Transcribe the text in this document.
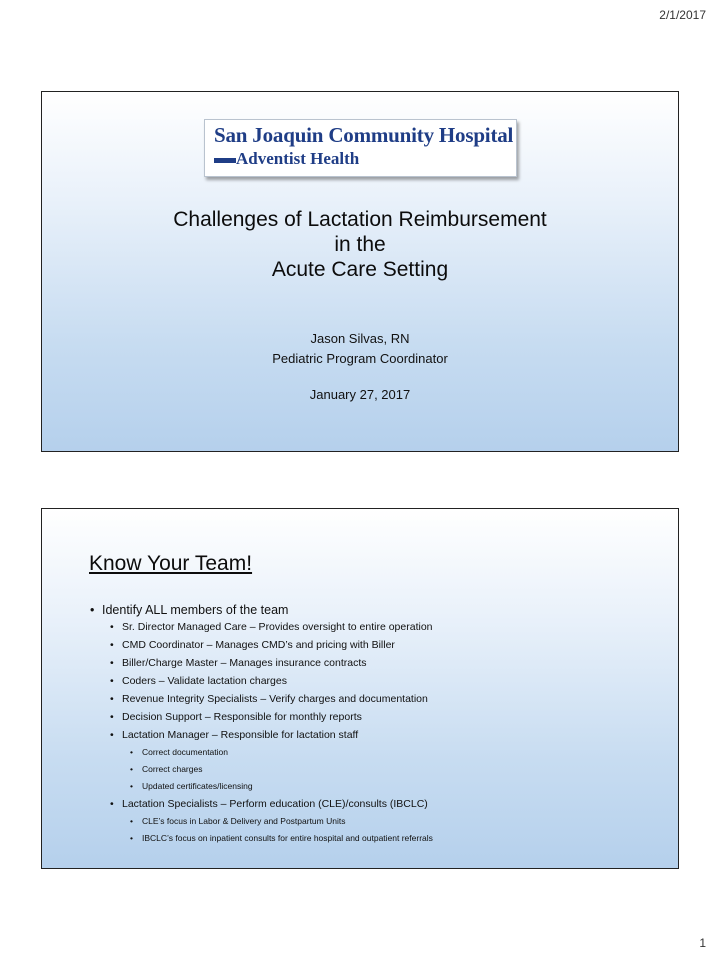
2/1/2017
San Joaquin Community Hospital
Adventist Health
Challenges of Lactation Reimbursement
in the
Acute Care Setting
Jason Silvas, RN
Pediatric Program Coordinator
January 27, 2017
Know Your Team!
• Identify ALL members of the team
• Sr. Director Managed Care – Provides oversight to entire operation
• CMD Coordinator – Manages CMD’s and pricing with Biller
• Biller/Charge Master – Manages insurance contracts
• Coders – Validate lactation charges
• Revenue Integrity Specialists – Verify charges and documentation
• Decision Support – Responsible for monthly reports
• Lactation Manager – Responsible for lactation staff
• Correct documentation
• Correct charges
• Updated certificates/licensing
• Lactation Specialists – Perform education (CLE)/consults (IBCLC)
• CLE’s focus in Labor & Delivery and Postpartum Units
• IBCLC’s focus on inpatient consults for entire hospital and outpatient referrals
1
